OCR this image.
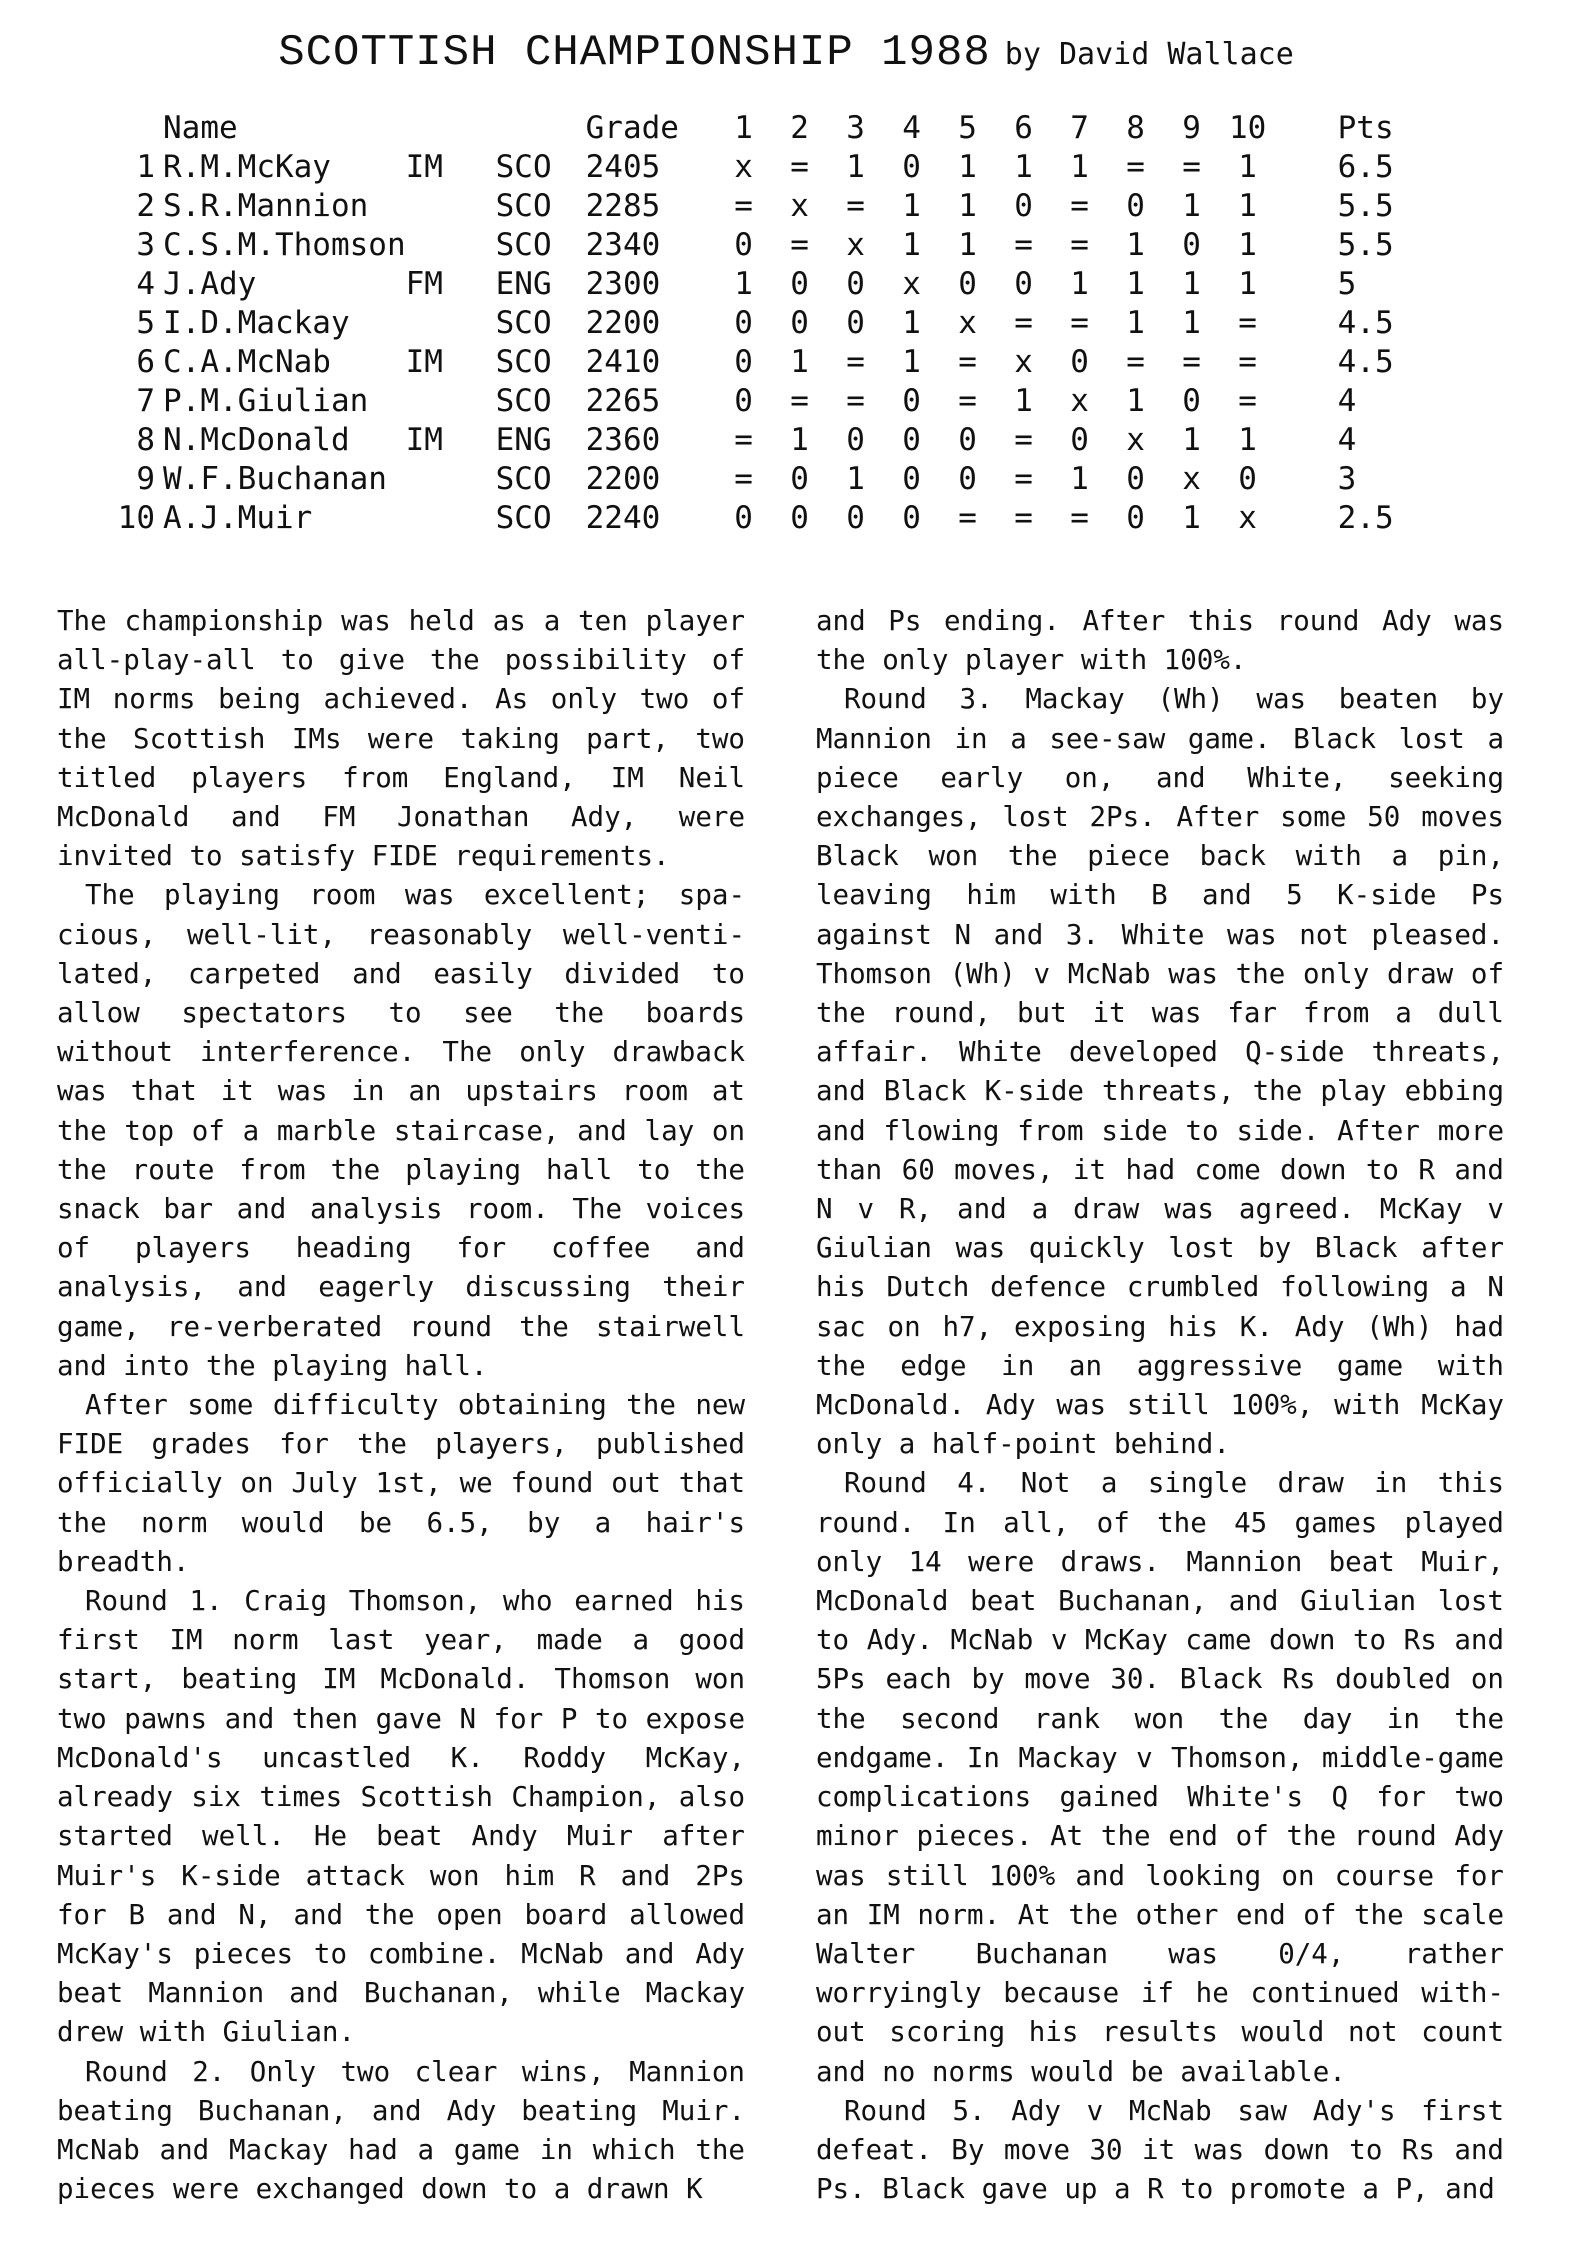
SCOTTISH CHAMPIONSHIP 1988 by David Wallace
	Name			Grade	1	2	3	4	5	6	7	8	9	10		Pts
1	R.M.McKay	IM	SCO	2405	x	=	1	0	1	1	1	=	=	1		6.5
2	S.R.Mannion		SCO	2285	=	x	=	1	1	0	=	0	1	1		5.5
3	C.S.M.Thomson		SCO	2340	0	=	x	1	1	=	=	1	0	1		5.5
4	J.Ady	FM	ENG	2300	1	0	0	x	0	0	1	1	1	1		5
5	I.D.Mackay		SCO	2200	0	0	0	1	x	=	=	1	1	=		4.5
6	C.A.McNab	IM	SCO	2410	0	1	=	1	=	x	0	=	=	=		4.5
7	P.M.Giulian		SCO	2265	0	=	=	0	=	1	x	1	0	=		4
8	N.McDonald	IM	ENG	2360	=	1	0	0	0	=	0	x	1	1		4
9	W.F.Buchanan		SCO	2200	=	0	1	0	0	=	1	0	x	0		3
10	A.J.Muir		SCO	2240	0	0	0	0	=	=	=	0	1	x		2.5

The championship was held as a ten player all-play-all to give the possibility of IM norms being achieved. As only two of the Scottish IMs were taking part, two titled players from England, IM Neil McDonald and FM Jonathan Ady, were invited to satisfy FIDE requirements.

The playing room was excellent; spa-cious, well-lit, reasonably well-venti-lated, carpeted and easily divided to allow spectators to see the boards without interference. The only drawback was that it was in an upstairs room at the top of a marble staircase, and lay on the route from the playing hall to the snack bar and analysis room. The voices of players heading for coffee and analysis, and eagerly discussing their game, re-verberated round the stairwell and into the playing hall.

After some difficulty obtaining the new FIDE grades for the players, published officially on July 1st, we found out that the norm would be 6.5, by a hair's breadth.

Round 1. Craig Thomson, who earned his first IM norm last year, made a good start, beating IM McDonald. Thomson won two pawns and then gave N for P to expose McDonald's uncastled K. Roddy McKay, already six times Scottish Champion, also started well. He beat Andy Muir after Muir's K-side attack won him R and 2Ps for B and N, and the open board allowed McKay's pieces to combine. McNab and Ady beat Mannion and Buchanan, while Mackay drew with Giulian.

Round 2. Only two clear wins, Mannion beating Buchanan, and Ady beating Muir. McNab and Mackay had a game in which the pieces were exchanged down to a drawn K

and Ps ending. After this round Ady was the only player with 100%.

Round 3. Mackay (Wh) was beaten by Mannion in a see-saw game. Black lost a piece early on, and White, seeking exchanges, lost 2Ps. After some 50 moves Black won the piece back with a pin, leaving him with B and 5 K-side Ps against N and 3. White was not pleased. Thomson (Wh) v McNab was the only draw of the round, but it was far from a dull affair. White developed Q-side threats, and Black K-side threats, the play ebbing and flowing from side to side. After more than 60 moves, it had come down to R and N v R, and a draw was agreed. McKay v Giulian was quickly lost by Black after his Dutch defence crumbled following a N sac on h7, exposing his K. Ady (Wh) had the edge in an aggressive game with McDonald. Ady was still 100%, with McKay only a half-point behind.

Round 4. Not a single draw in this round. In all, of the 45 games played only 14 were draws. Mannion beat Muir, McDonald beat Buchanan, and Giulian lost to Ady. McNab v McKay came down to Rs and 5Ps each by move 30. Black Rs doubled on the second rank won the day in the endgame. In Mackay v Thomson, middle-game complications gained White's Q for two minor pieces. At the end of the round Ady was still 100% and looking on course for an IM norm. At the other end of the scale Walter Buchanan was 0/4, rather worryingly because if he continued with-out scoring his results would not count and no norms would be available.

Round 5. Ady v McNab saw Ady's first defeat. By move 30 it was down to Rs and Ps. Black gave up a R to promote a P, and
